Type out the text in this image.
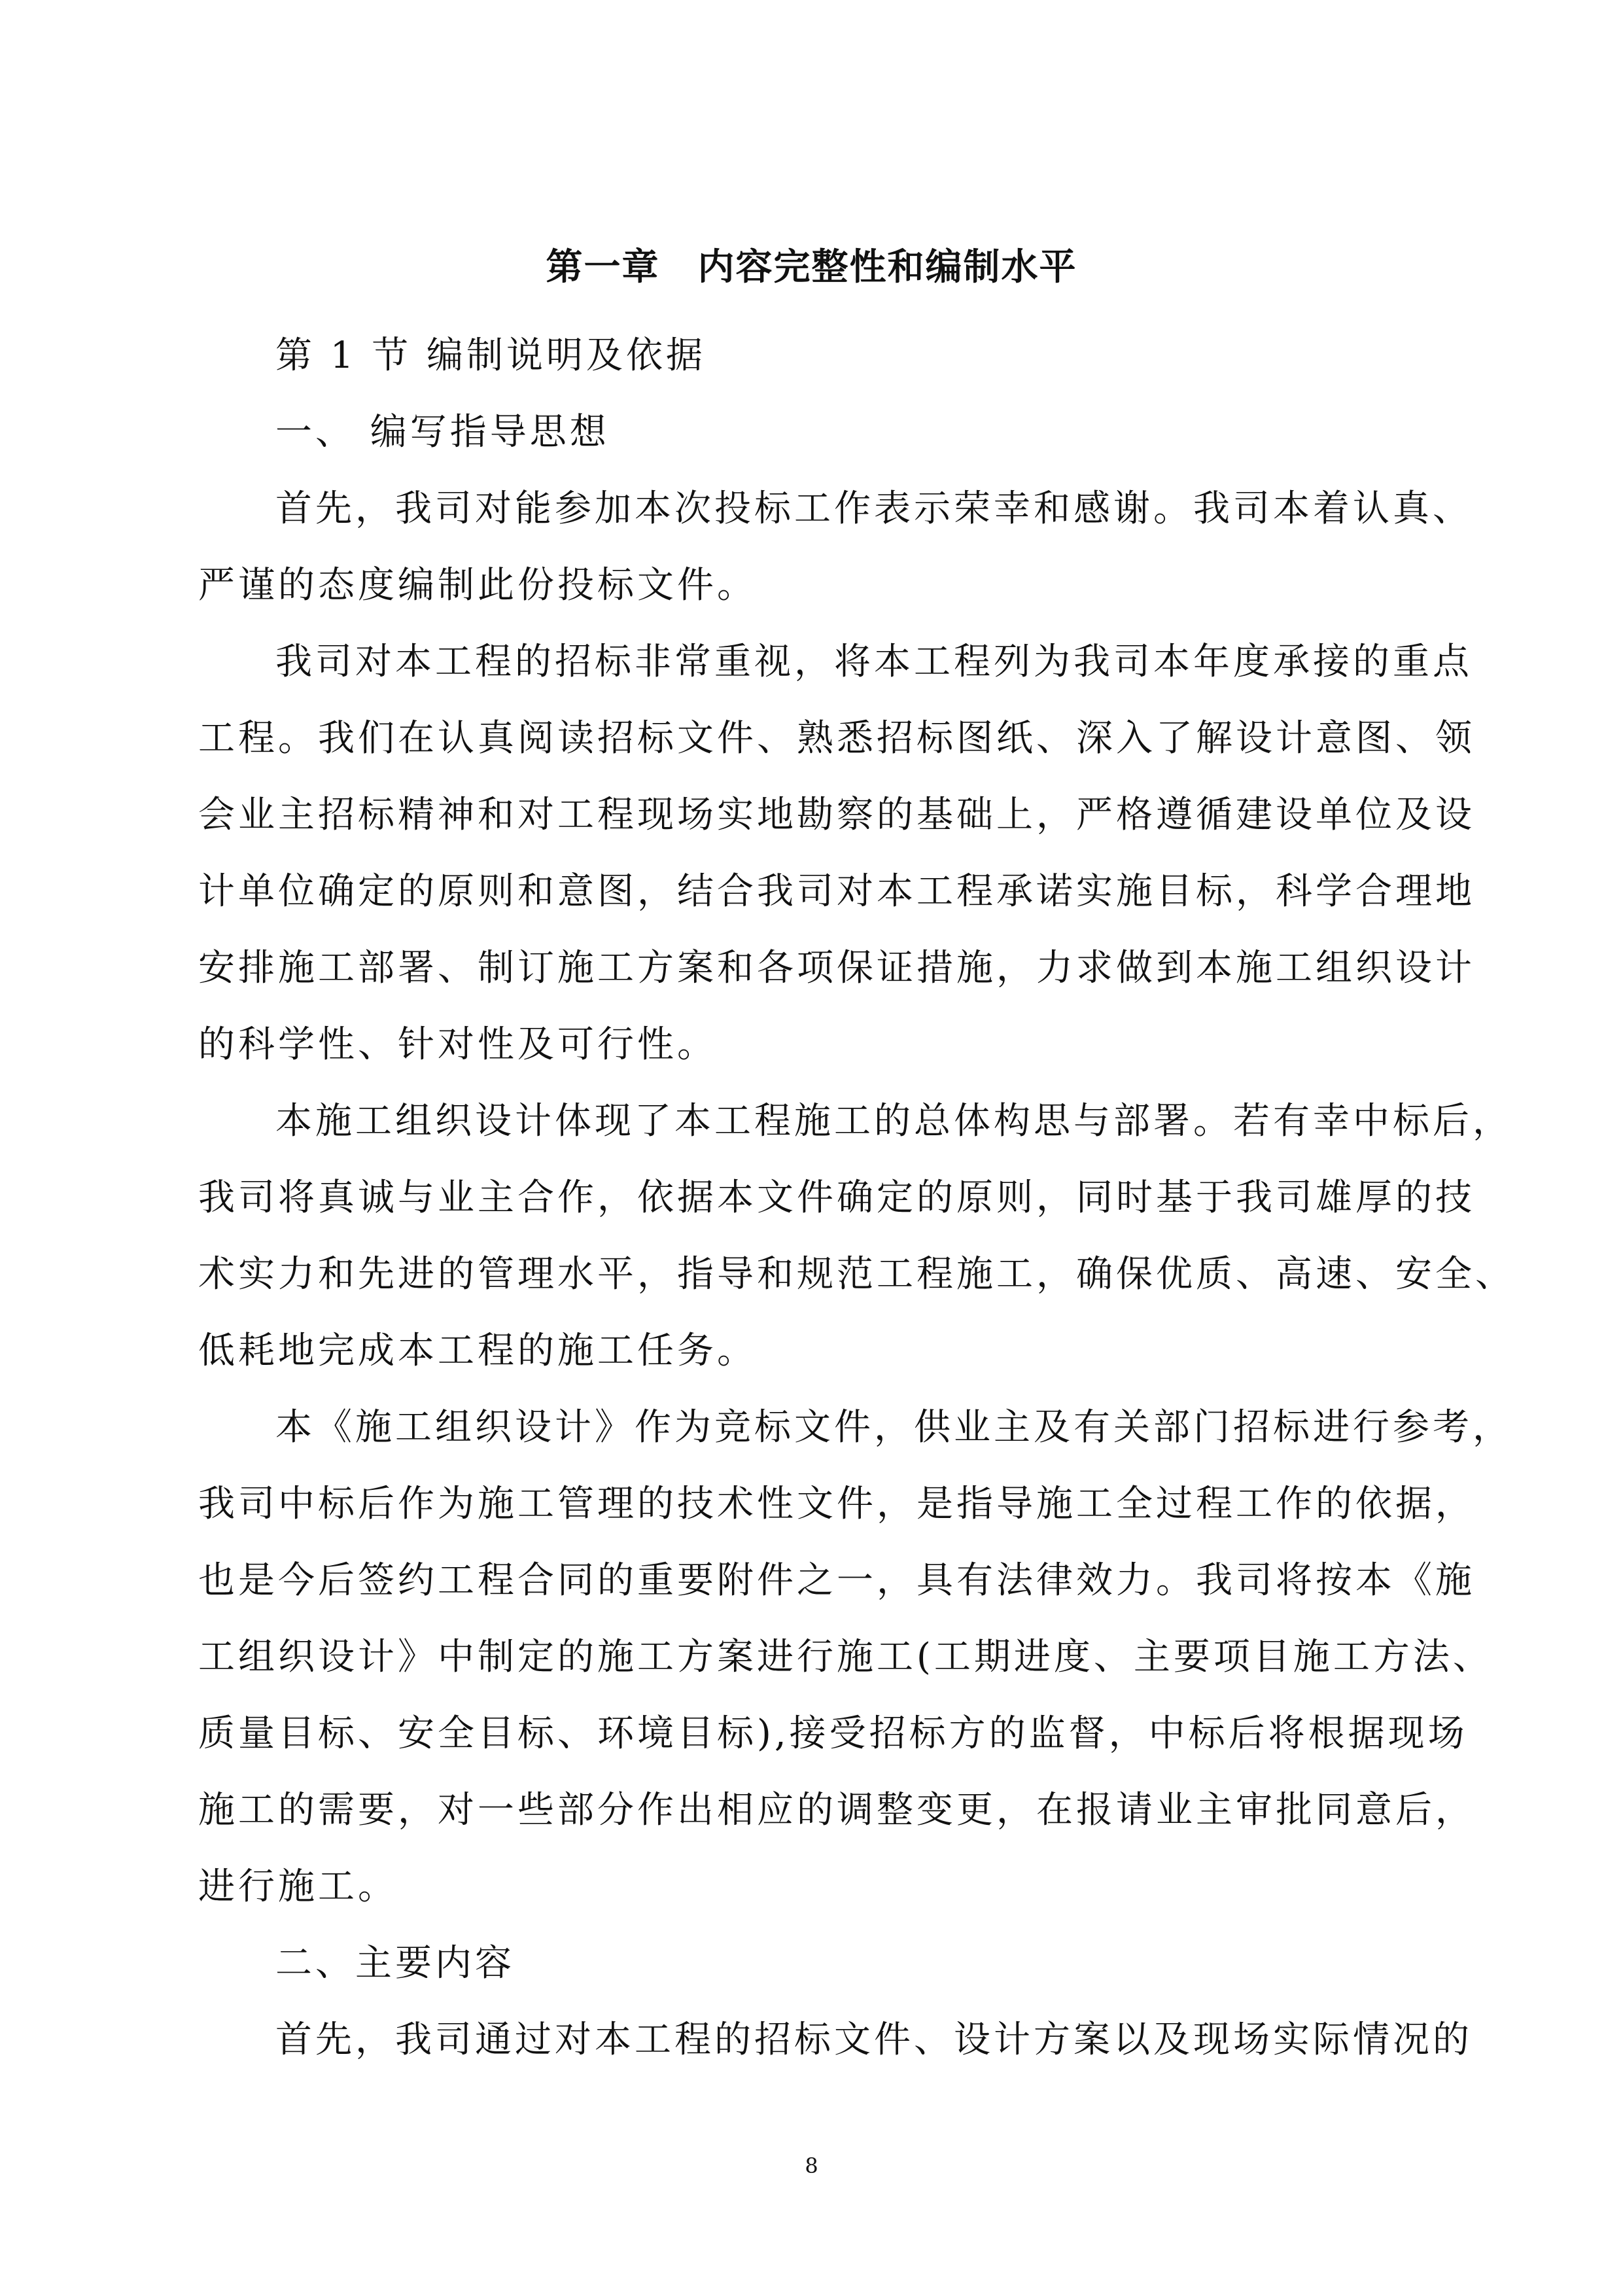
第一章　内容完整性和编制水平
第 1 节 编制说明及依据
一、 编写指导思想
首先，我司对能参加本次投标工作表示荣幸和感谢。我司本着认真、
严谨的态度编制此份投标文件。
我司对本工程的招标非常重视，将本工程列为我司本年度承接的重点
工程。我们在认真阅读招标文件、熟悉招标图纸、深入了解设计意图、领
会业主招标精神和对工程现场实地勘察的基础上，严格遵循建设单位及设
计单位确定的原则和意图，结合我司对本工程承诺实施目标，科学合理地
安排施工部署、制订施工方案和各项保证措施，力求做到本施工组织设计
的科学性、针对性及可行性。
本施工组织设计体现了本工程施工的总体构思与部署。若有幸中标后，
我司将真诚与业主合作，依据本文件确定的原则，同时基于我司雄厚的技
术实力和先进的管理水平，指导和规范工程施工，确保优质、高速、安全、
低耗地完成本工程的施工任务。
本《施工组织设计》作为竞标文件，供业主及有关部门招标进行参考，
我司中标后作为施工管理的技术性文件，是指导施工全过程工作的依据，
也是今后签约工程合同的重要附件之一，具有法律效力。我司将按本《施
工组织设计》中制定的施工方案进行施工(工期进度、主要项目施工方法、
质量目标、安全目标、环境目标),接受招标方的监督，中标后将根据现场
施工的需要，对一些部分作出相应的调整变更，在报请业主审批同意后，
进行施工。
二、主要内容
首先，我司通过对本工程的招标文件、设计方案以及现场实际情况的
8
